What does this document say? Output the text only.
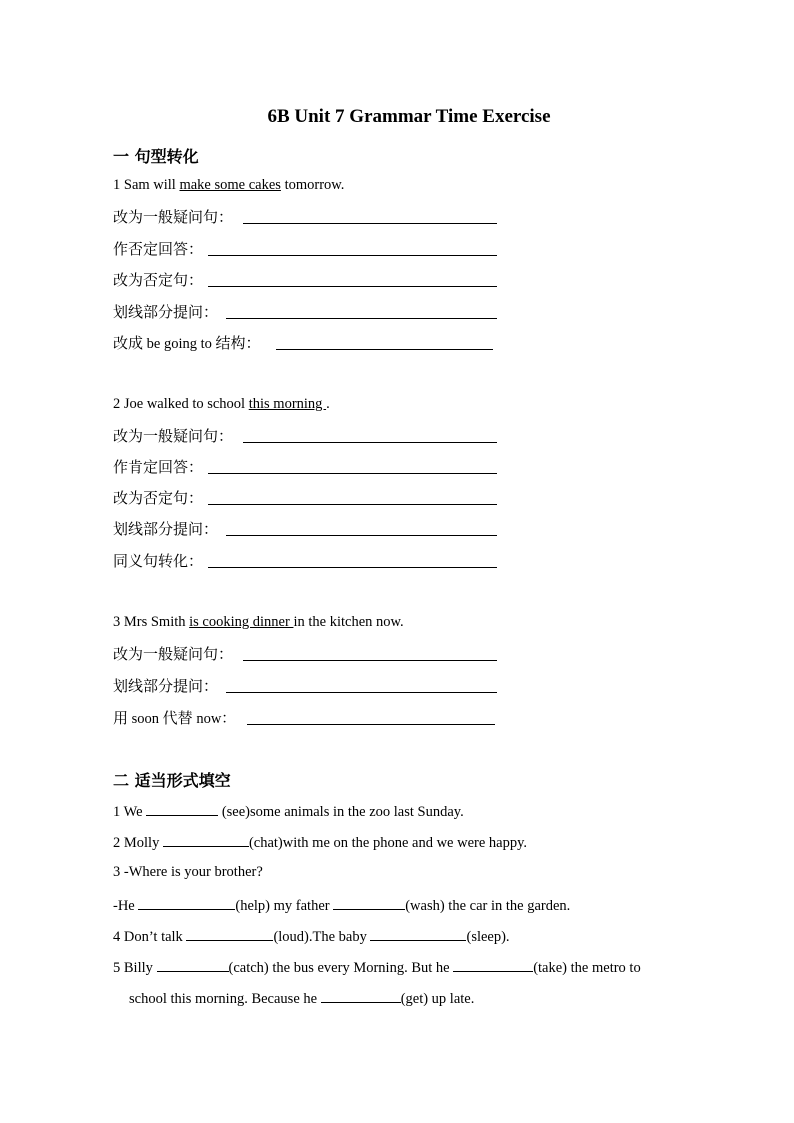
6B Unit 7 Grammar Time Exercise
一 句型转化
1 Sam will make some cakes tomorrow.
改为一般疑问句：
作否定回答：
改为否定句：
划线部分提问：
改成 be going to 结构：
2 Joe walked to school this morning .
改为一般疑问句：
作肯定回答：
改为否定句：
划线部分提问：
同义句转化：
3 Mrs Smith is cooking dinner in the kitchen now.
改为一般疑问句：
划线部分提问：
用 soon 代替 now：
二 适当形式填空
1 We	(see)some animals in the zoo last Sunday.
2 Molly	(chat)with me on the phone and we were happy.
3 -Where is your brother?
-He	(help) my father	(wash) the car in the garden.
4 Don’t talk	(loud).The baby	(sleep).
5 Billy	(catch) the bus every Morning. But he	(take) the metro to
school this morning. Because he	(get) up late.
